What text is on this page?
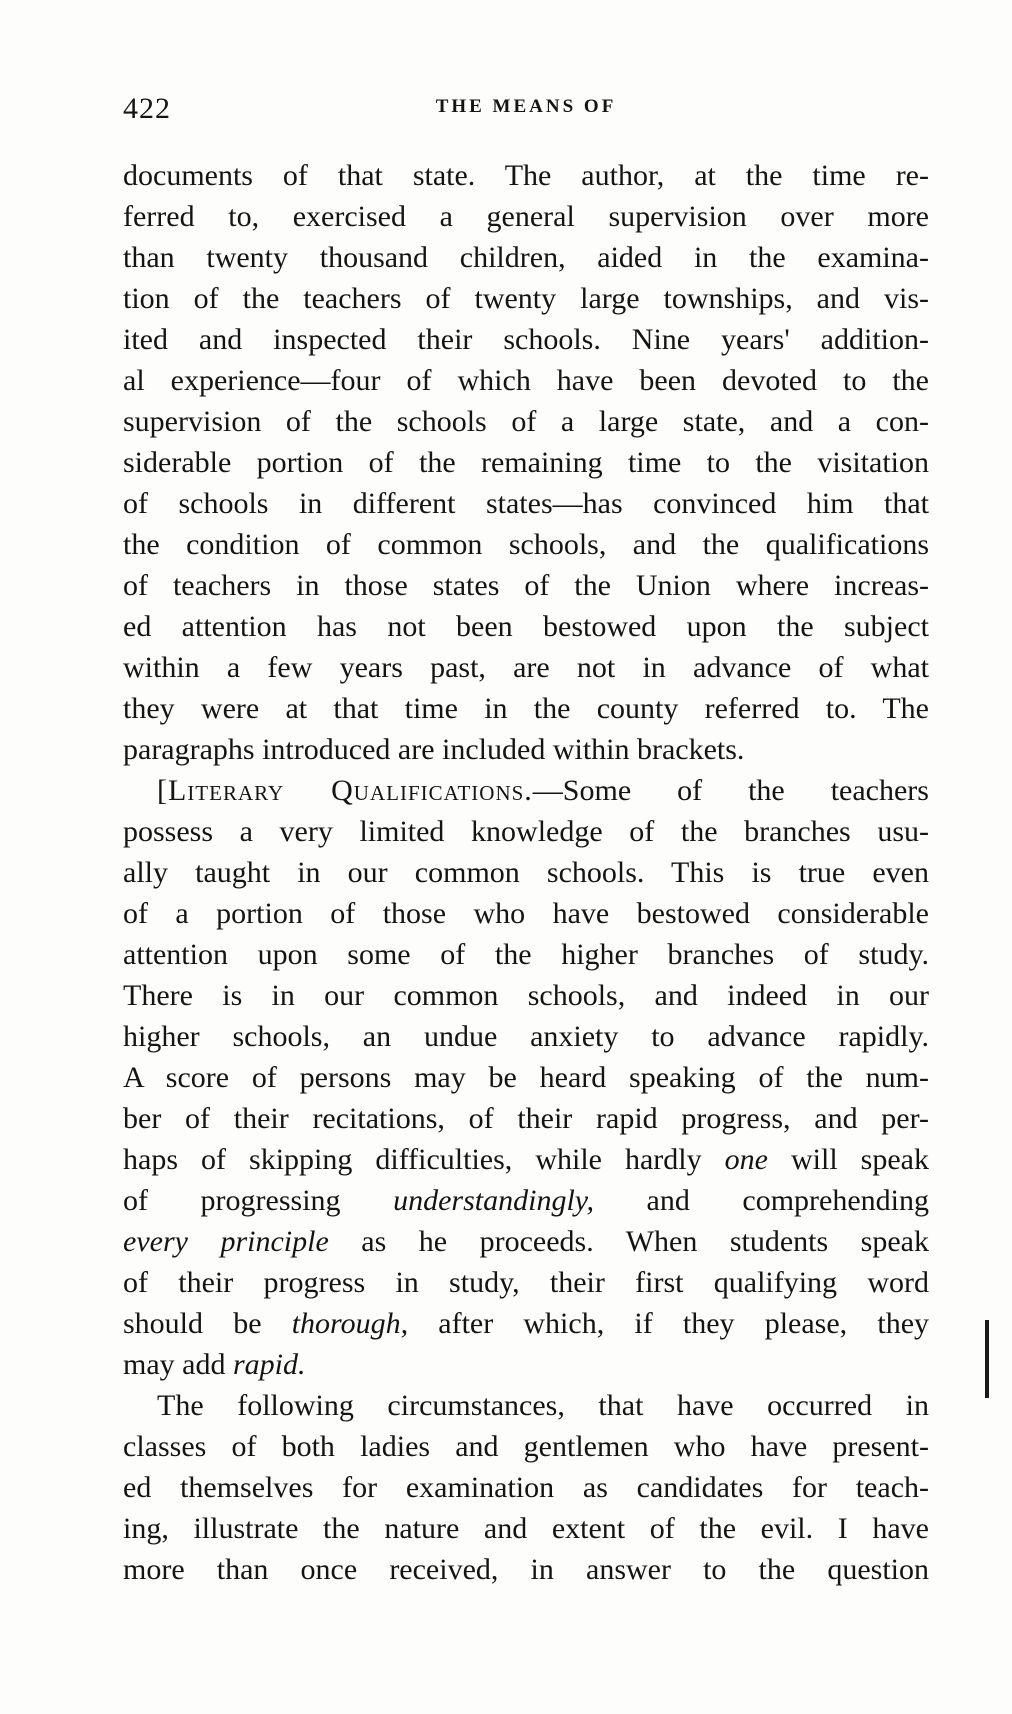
422	THE MEANS OF
documents of that state. The author, at the time re-
ferred to, exercised a general supervision over more
than twenty thousand children, aided in the examina-
tion of the teachers of twenty large townships, and vis-
ited and inspected their schools. Nine years' addition-
al experience—four of which have been devoted to the
supervision of the schools of a large state, and a con-
siderable portion of the remaining time to the visitation
of schools in different states—has convinced him that
the condition of common schools, and the qualifications
of teachers in those states of the Union where increas-
ed attention has not been bestowed upon the subject
within a few years past, are not in advance of what
they were at that time in the county referred to. The
paragraphs introduced are included within brackets.
[Literary Qualifications.—Some of the teachers
possess a very limited knowledge of the branches usu-
ally taught in our common schools. This is true even
of a portion of those who have bestowed considerable
attention upon some of the higher branches of study.
There is in our common schools, and indeed in our
higher schools, an undue anxiety to advance rapidly.
A score of persons may be heard speaking of the num-
ber of their recitations, of their rapid progress, and per-
haps of skipping difficulties, while hardly one will speak
of progressing understandingly, and comprehending
every principle as he proceeds. When students speak
of their progress in study, their first qualifying word
should be thorough, after which, if they please, they
may add rapid.
The following circumstances, that have occurred in
classes of both ladies and gentlemen who have present-
ed themselves for examination as candidates for teach-
ing, illustrate the nature and extent of the evil. I have
more than once received, in answer to the question
